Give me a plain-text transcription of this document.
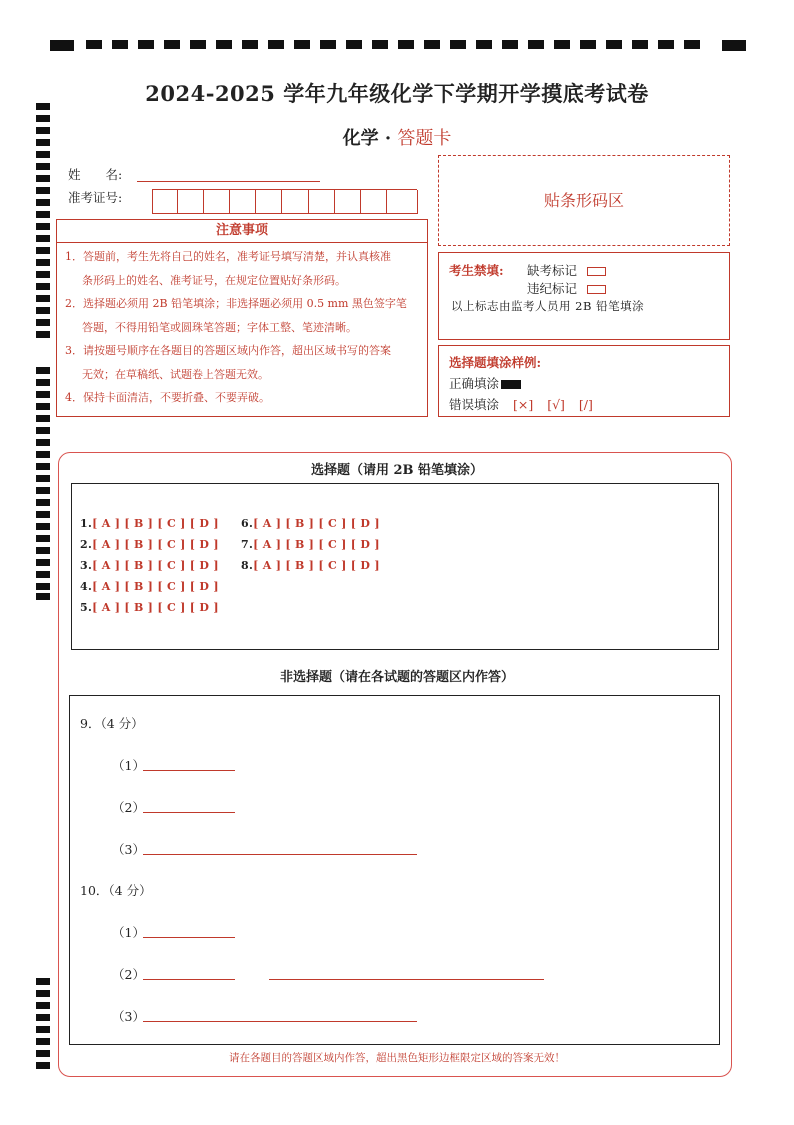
2024-2025 学年九年级化学下学期开学摸底考试卷
化学 · 答题卡
姓　　名:
准考证号:	贴条形码区
注意事项
1．答题前，考生先将自己的姓名，准考证号填写清楚，并认真核准
条形码上的姓名、准考证号，在规定位置贴好条形码。
2．选择题必须用 2B 铅笔填涂；非选择题必须用 0.5 mm 黑色签字笔
答题，不得用铅笔或圆珠笔答题；字体工整、笔迹清晰。
3．请按题号顺序在各题目的答题区域内作答，超出区域书写的答案
无效；在草稿纸、试题卷上答题无效。
4．保持卡面清洁，不要折叠、不要弄破。
考生禁填: 缺考标记
违纪标记
以上标志由监考人员用 2B 铅笔填涂
选择题填涂样例:
正确填涂
错误填涂 [×] [√] [/]
选择题（请用 2B 铅笔填涂）
1.[ A ] [ B ] [ C ] [ D ]
2.[ A ] [ B ] [ C ] [ D ]
3.[ A ] [ B ] [ C ] [ D ]
4.[ A ] [ B ] [ C ] [ D ]
5.[ A ] [ B ] [ C ] [ D ]
6.[ A ] [ B ] [ C ] [ D ]
7.[ A ] [ B ] [ C ] [ D ]
8.[ A ] [ B ] [ C ] [ D ]
非选择题（请在各试题的答题区内作答）
9．（4 分）
（1）
（2）
（3）
10．（4 分）
（1）
（2）
（3）
请在各题目的答题区域内作答，超出黑色矩形边框限定区域的答案无效！
